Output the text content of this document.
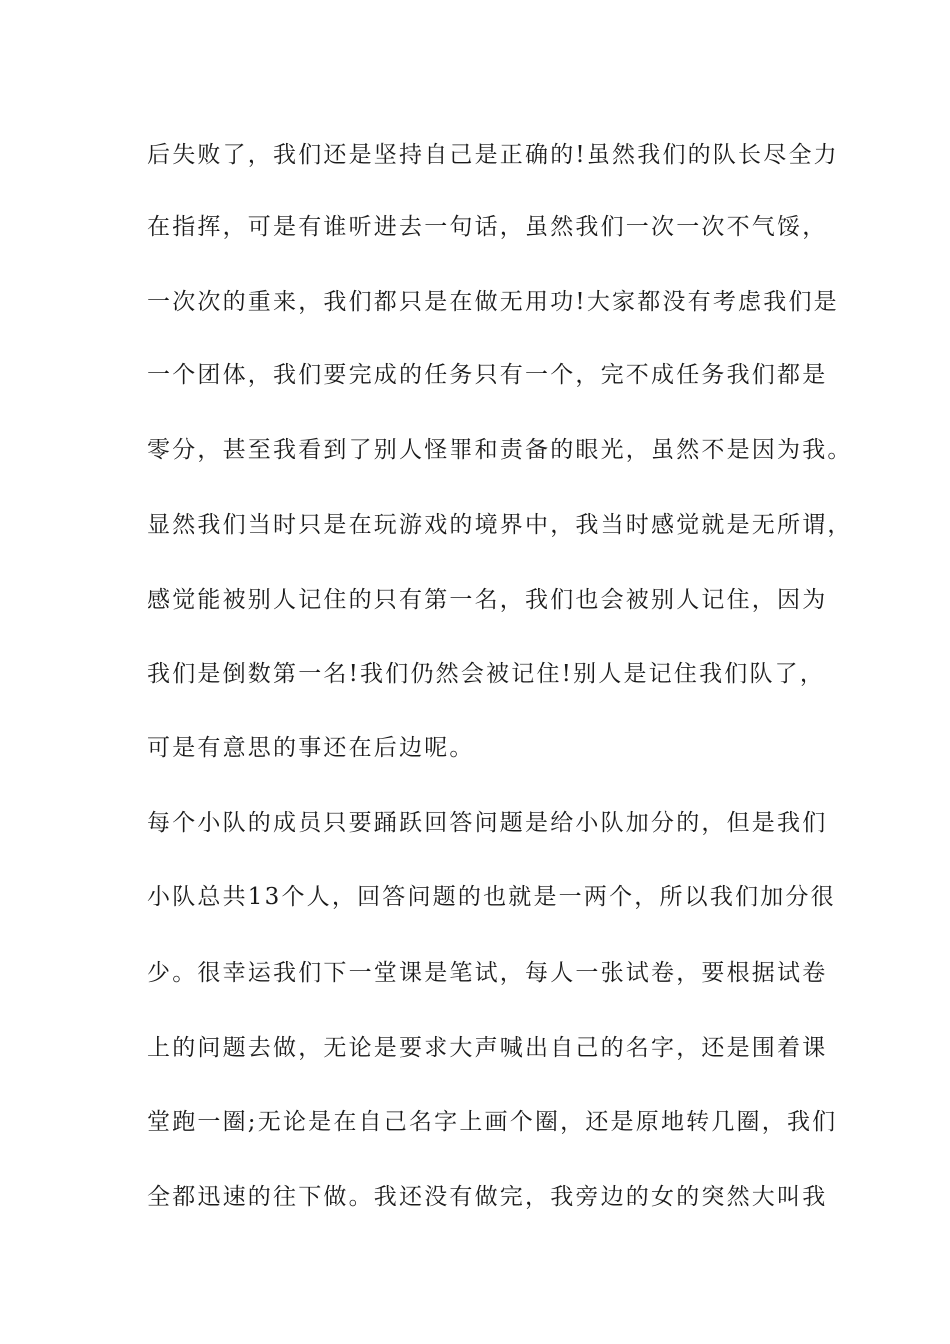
后失败了，我们还是坚持自己是正确的!虽然我们的队长尽全力
在指挥，可是有谁听进去一句话，虽然我们一次一次不气馁，
一次次的重来，我们都只是在做无用功!大家都没有考虑我们是
一个团体，我们要完成的任务只有一个，完不成任务我们都是
零分，甚至我看到了别人怪罪和责备的眼光，虽然不是因为我。
显然我们当时只是在玩游戏的境界中，我当时感觉就是无所谓，
感觉能被别人记住的只有第一名，我们也会被别人记住，因为
我们是倒数第一名!我们仍然会被记住!别人是记住我们队了，
可是有意思的事还在后边呢。
每个小队的成员只要踊跃回答问题是给小队加分的，但是我们
小队总共13个人，回答问题的也就是一两个，所以我们加分很
少。很幸运我们下一堂课是笔试，每人一张试卷，要根据试卷
上的问题去做，无论是要求大声喊出自己的名字，还是围着课
堂跑一圈;无论是在自己名字上画个圈，还是原地转几圈，我们
全都迅速的往下做。我还没有做完，我旁边的女的突然大叫我
